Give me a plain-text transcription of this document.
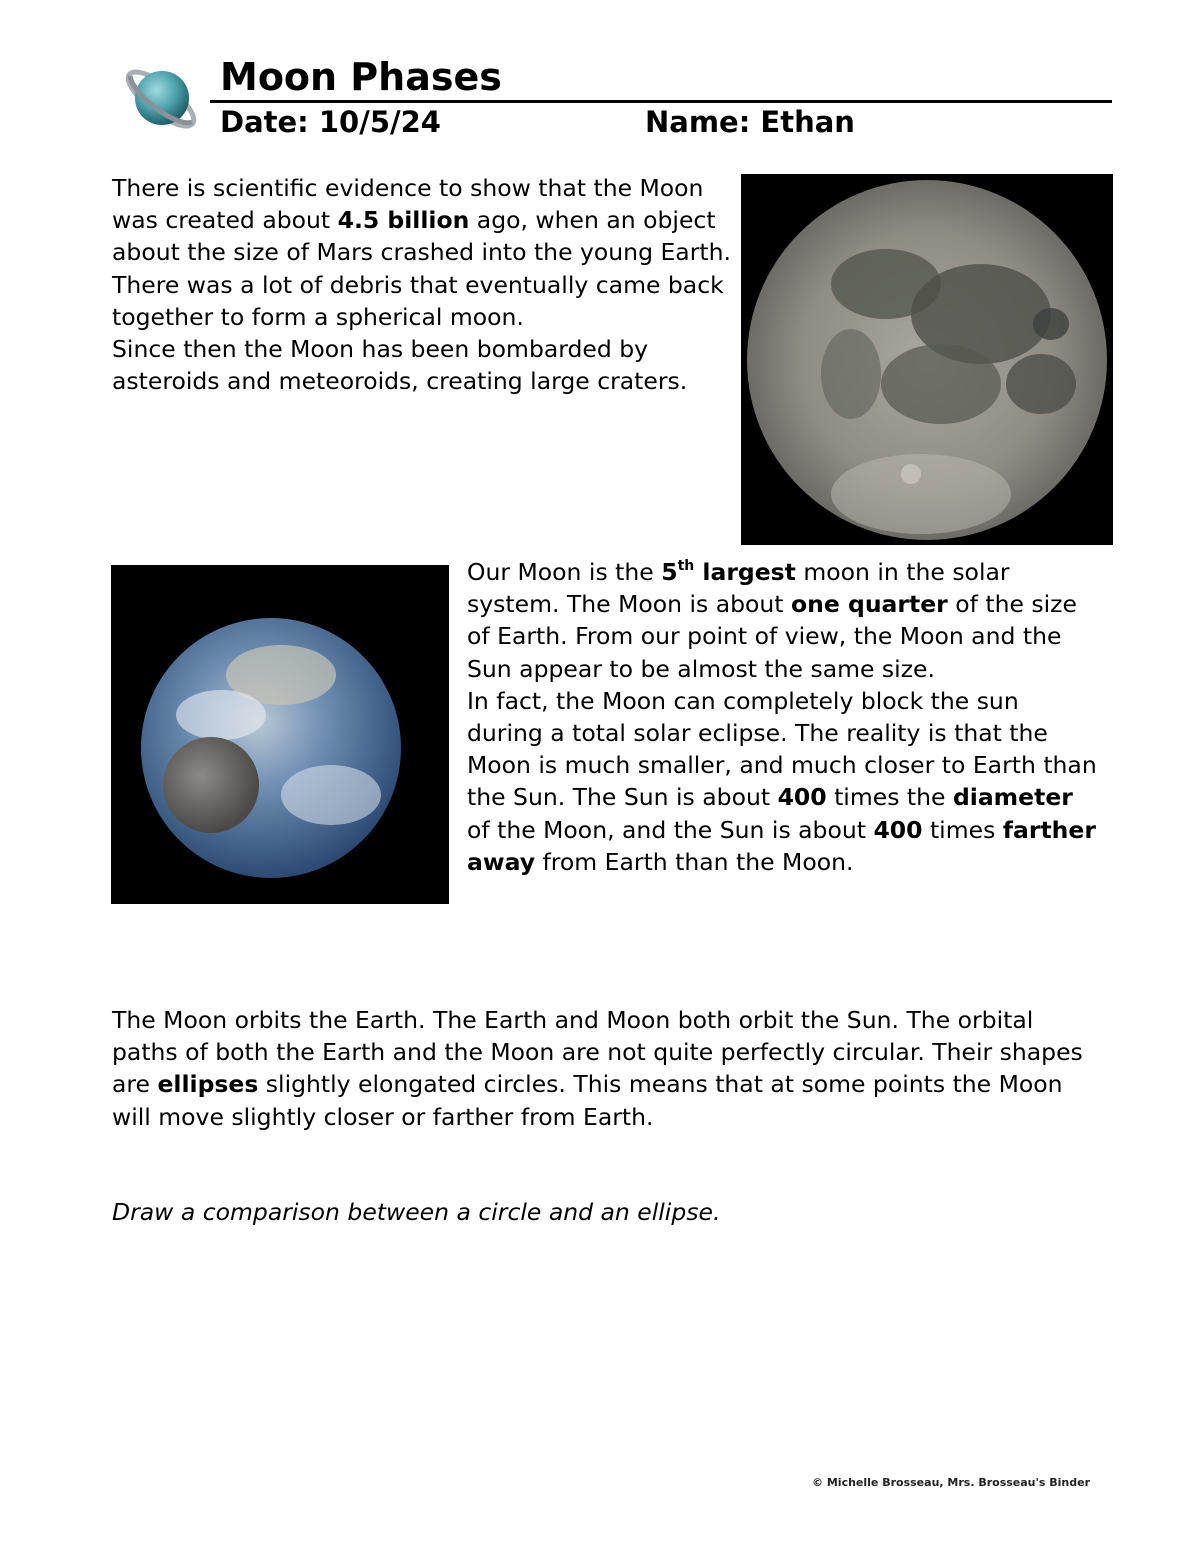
Moon Phases
Date: 10/5/24	Name: Ethan

There is scientific evidence to show that the Moon was created about 4.5 billion ago, when an object about the size of Mars crashed into the young Earth. There was a lot of debris that eventually came back together to form a spherical moon.
Since then the Moon has been bombarded by asteroids and meteoroids, creating large craters.

Our Moon is the 5th largest moon in the solar system. The Moon is about one quarter of the size of Earth. From our point of view, the Moon and the Sun appear to be almost the same size.
In fact, the Moon can completely block the sun during a total solar eclipse. The reality is that the Moon is much smaller, and much closer to Earth than the Sun. The Sun is about 400 times the diameter of the Moon, and the Sun is about 400 times farther away from Earth than the Moon.

The Moon orbits the Earth. The Earth and Moon both orbit the Sun. The orbital paths of both the Earth and the Moon are not quite perfectly circular. Their shapes are ellipses slightly elongated circles. This means that at some points the Moon will move slightly closer or farther from Earth.

Draw a comparison between a circle and an ellipse.

© Michelle Brosseau, Mrs. Brosseau's Binder
